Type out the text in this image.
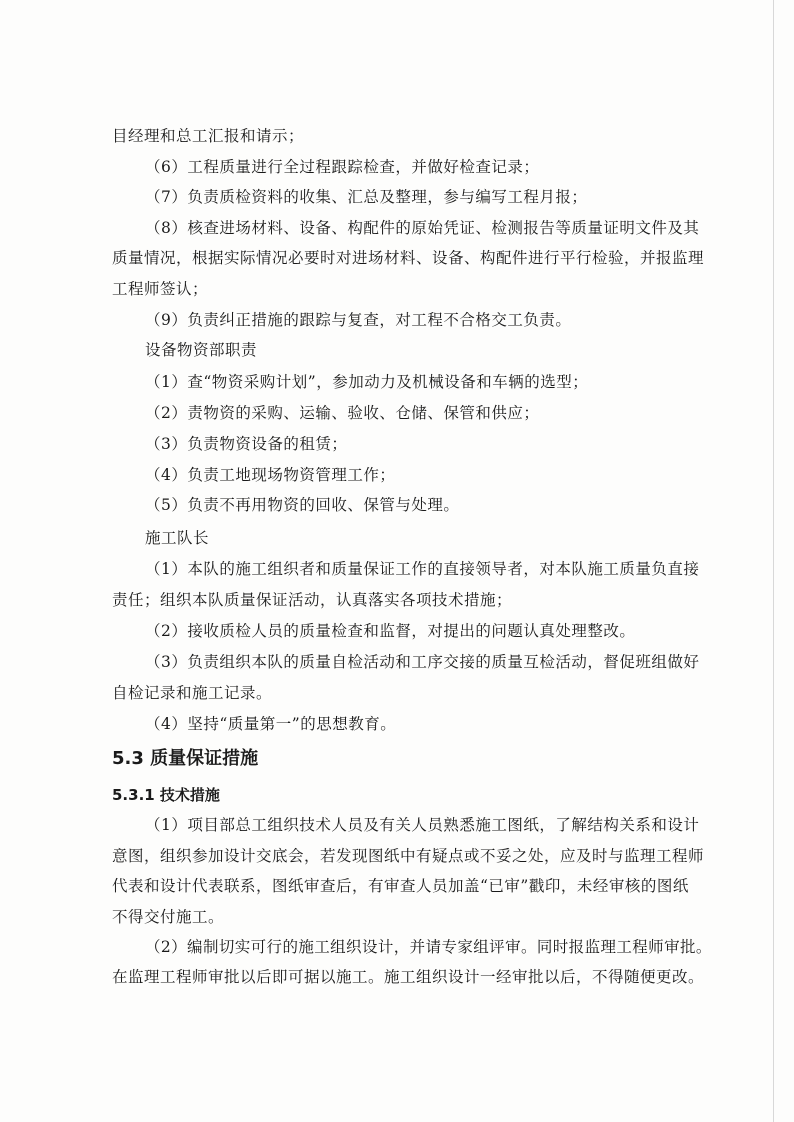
目经理和总工汇报和请示；
（6）工程质量进行全过程跟踪检查，并做好检查记录；
（7）负责质检资料的收集、汇总及整理，参与编写工程月报；
（8）核查进场材料、设备、构配件的原始凭证、检测报告等质量证明文件及其
质量情况，根据实际情况必要时对进场材料、设备、构配件进行平行检验，并报监理
工程师签认；
（9）负责纠正措施的跟踪与复查，对工程不合格交工负责。
设备物资部职责
（1）查“物资采购计划”，参加动力及机械设备和车辆的选型；
（2）责物资的采购、运输、验收、仓储、保管和供应；
（3）负责物资设备的租赁；
（4）负责工地现场物资管理工作；
（5）负责不再用物资的回收、保管与处理。
施工队长
（1）本队的施工组织者和质量保证工作的直接领导者，对本队施工质量负直接
责任；组织本队质量保证活动，认真落实各项技术措施；
（2）接收质检人员的质量检查和监督，对提出的问题认真处理整改。
（3）负责组织本队的质量自检活动和工序交接的质量互检活动，督促班组做好
自检记录和施工记录。
（4）坚持“质量第一”的思想教育。
5.3 质量保证措施
5.3.1 技术措施
（1）项目部总工组织技术人员及有关人员熟悉施工图纸，了解结构关系和设计
意图，组织参加设计交底会，若发现图纸中有疑点或不妥之处，应及时与监理工程师
代表和设计代表联系，图纸审查后，有审查人员加盖“已审”戳印，未经审核的图纸
不得交付施工。
（2）编制切实可行的施工组织设计，并请专家组评审。同时报监理工程师审批。
在监理工程师审批以后即可据以施工。施工组织设计一经审批以后，不得随便更改。
